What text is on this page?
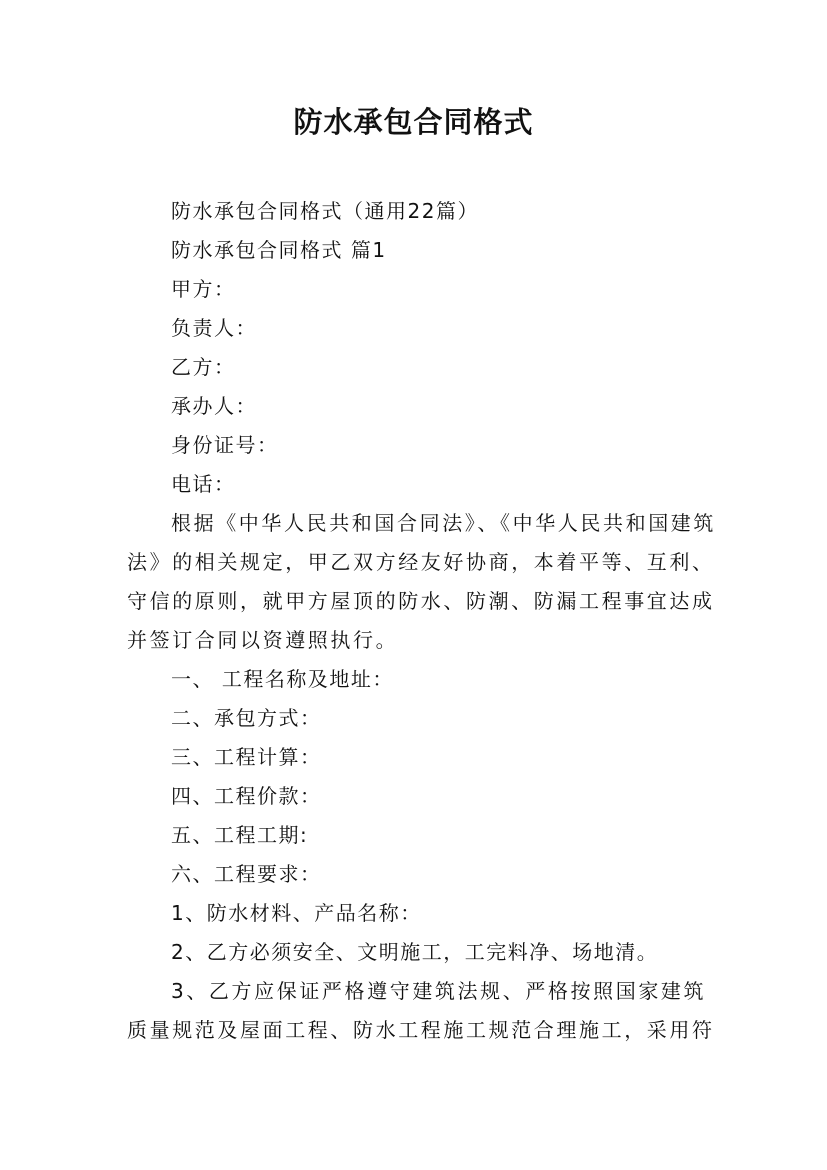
防水承包合同格式

防水承包合同格式（通用22篇）

防水承包合同格式 篇1

甲方：

负责人：

乙方：

承办人：

身份证号：

电话：

根据《中华人民共和国合同法》、《中华人民共和国建筑法》的相关规定，甲乙双方经友好协商，本着平等、互利、守信的原则，就甲方屋顶的防水、防潮、防漏工程事宜达成并签订合同以资遵照执行。

一、 工程名称及地址：

二、承包方式：

三、工程计算：

四、工程价款：

五、工程工期:

六、工程要求：

1、防水材料、产品名称：

2、乙方必须安全、文明施工，工完料净、场地清。

3、乙方应保证严格遵守建筑法规、严格按照国家建筑质量规范及屋面工程、防水工程施工规范合理施工，采用符
